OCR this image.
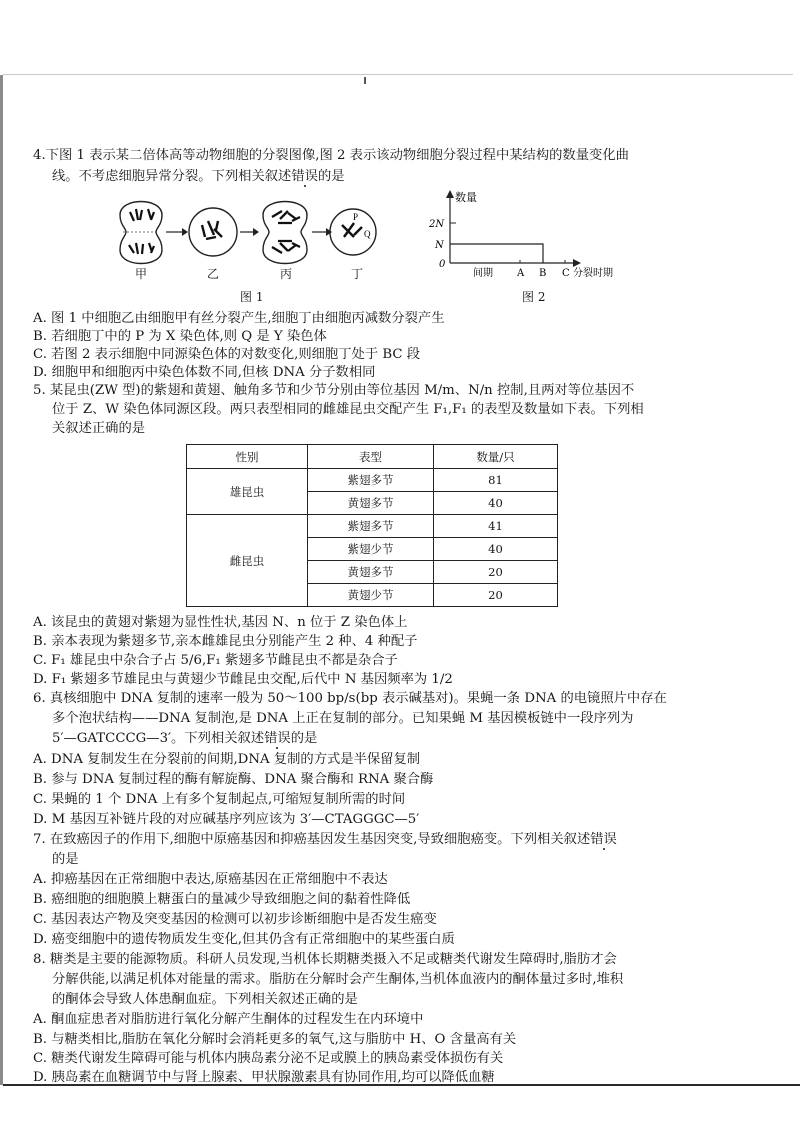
4.下图 1 表示某二倍体高等动物细胞的分裂图像,图 2 表示该动物细胞分裂过程中某结构的数量变化曲
线。不考虑细胞异常分裂。下列相关叙述错误的是
P
Q
甲	乙	丙	丁
图 1
数量
2N
N
0
间期 A B C 分裂时期
图 2
A. 图 1 中细胞乙由细胞甲有丝分裂产生,细胞丁由细胞丙减数分裂产生
B. 若细胞丁中的 P 为 X 染色体,则 Q 是 Y 染色体
C. 若图 2 表示细胞中同源染色体的对数变化,则细胞丁处于 BC 段
D. 细胞甲和细胞丙中染色体数不同,但核 DNA 分子数相同
5. 某昆虫(ZW 型)的紫翅和黄翅、触角多节和少节分别由等位基因 M/m、N/n 控制,且两对等位基因不
位于 Z、W 染色体同源区段。两只表型相同的雌雄昆虫交配产生 F₁,F₁ 的表型及数量如下表。下列相
关叙述正确的是
性别	表型	数量/只
雄昆虫	紫翅多节	81
	黄翅多节	40
雌昆虫	紫翅多节	41
	紫翅少节	40
	黄翅多节	20
	黄翅少节	20
A. 该昆虫的黄翅对紫翅为显性性状,基因 N、n 位于 Z 染色体上
B. 亲本表现为紫翅多节,亲本雌雄昆虫分别能产生 2 种、4 种配子
C. F₁ 雄昆虫中杂合子占 5/6,F₁ 紫翅多节雌昆虫不都是杂合子
D. F₁ 紫翅多节雄昆虫与黄翅少节雌昆虫交配,后代中 N 基因频率为 1/2
6. 真核细胞中 DNA 复制的速率一般为 50～100 bp/s(bp 表示碱基对)。果蝇一条 DNA 的电镜照片中存在
多个泡状结构——DNA 复制泡,是 DNA 上正在复制的部分。已知果蝇 M 基因模板链中一段序列为
5′—GATCCCG—3′。下列相关叙述错误的是
A. DNA 复制发生在分裂前的间期,DNA 复制的方式是半保留复制
B. 参与 DNA 复制过程的酶有解旋酶、DNA 聚合酶和 RNA 聚合酶
C. 果蝇的 1 个 DNA 上有多个复制起点,可缩短复制所需的时间
D. M 基因互补链片段的对应碱基序列应该为 3′—CTAGGGC—5′
7. 在致癌因子的作用下,细胞中原癌基因和抑癌基因发生基因突变,导致细胞癌变。下列相关叙述错误
的是
A. 抑癌基因在正常细胞中表达,原癌基因在正常细胞中不表达
B. 癌细胞的细胞膜上糖蛋白的量减少导致细胞之间的黏着性降低
C. 基因表达产物及突变基因的检测可以初步诊断细胞中是否发生癌变
D. 癌变细胞中的遗传物质发生变化,但其仍含有正常细胞中的某些蛋白质
8. 糖类是主要的能源物质。科研人员发现,当机体长期糖类摄入不足或糖类代谢发生障碍时,脂肪才会
分解供能,以满足机体对能量的需求。脂肪在分解时会产生酮体,当机体血液内的酮体量过多时,堆积
的酮体会导致人体患酮血症。下列相关叙述正确的是
A. 酮血症患者对脂肪进行氧化分解产生酮体的过程发生在内环境中
B. 与糖类相比,脂肪在氧化分解时会消耗更多的氧气,这与脂肪中 H、O 含量高有关
C. 糖类代谢发生障碍可能与机体内胰岛素分泌不足或膜上的胰岛素受体损伤有关
D. 胰岛素在血糖调节中与肾上腺素、甲状腺激素具有协同作用,均可以降低血糖
